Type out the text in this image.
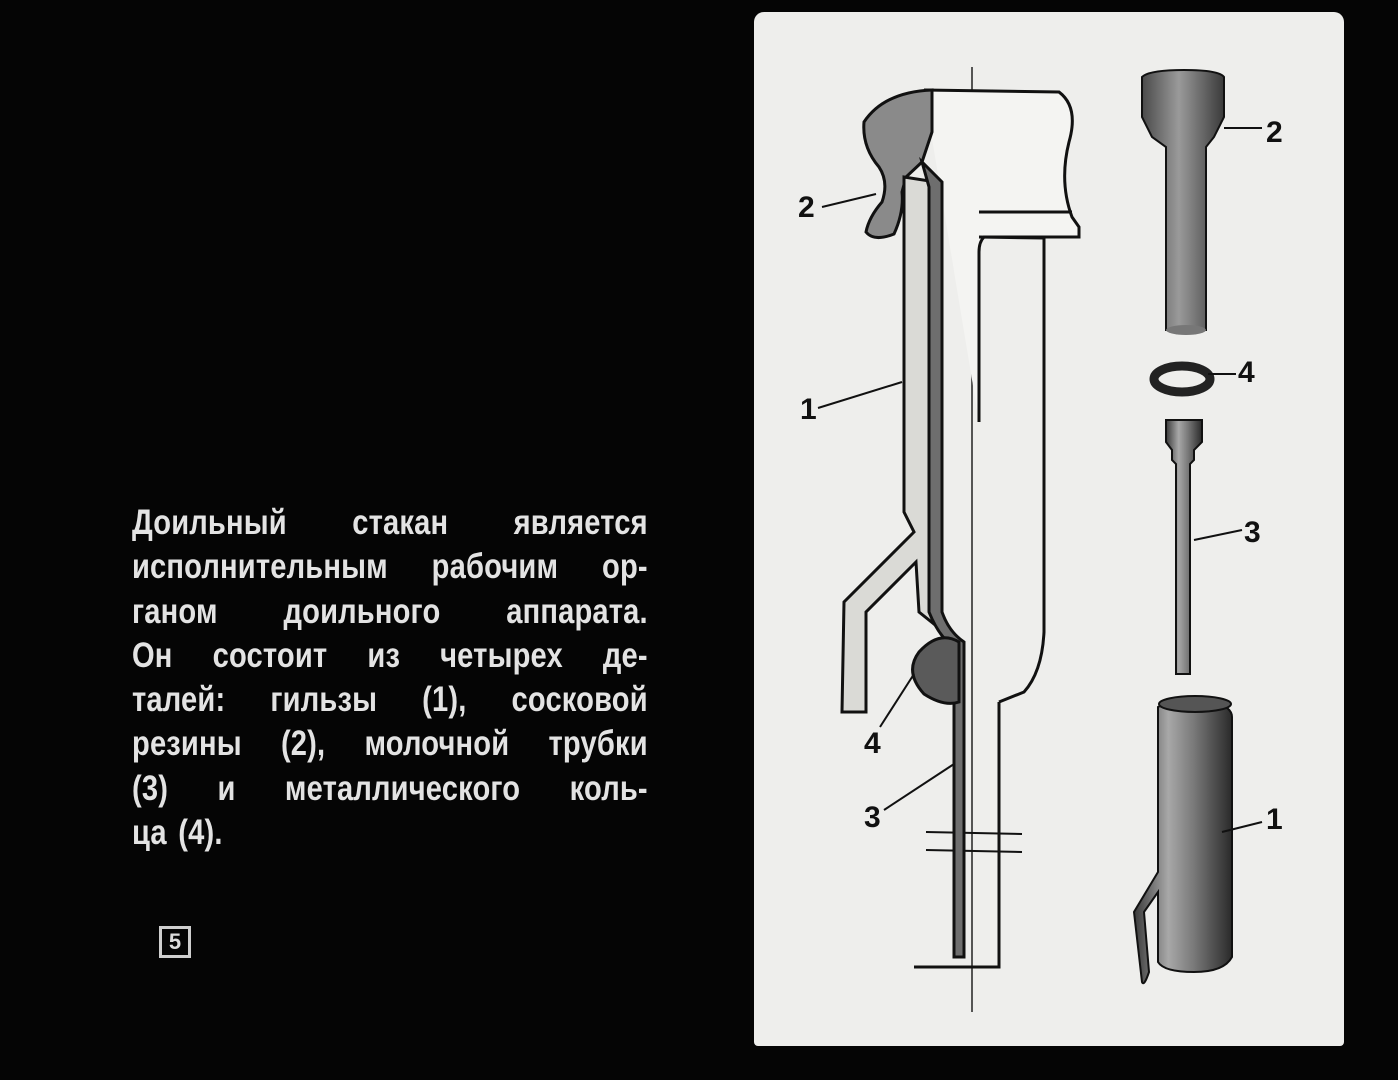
Доильный стакан является
исполнительным рабочим ор-
ганом доильного аппарата.
Он состоит из четырех де-
талей: гильзы (1), сосковой
резины (2), молочной трубки
(3) и металлического коль-
ца (4).
5
2
1
4
3
2
4
3
1
